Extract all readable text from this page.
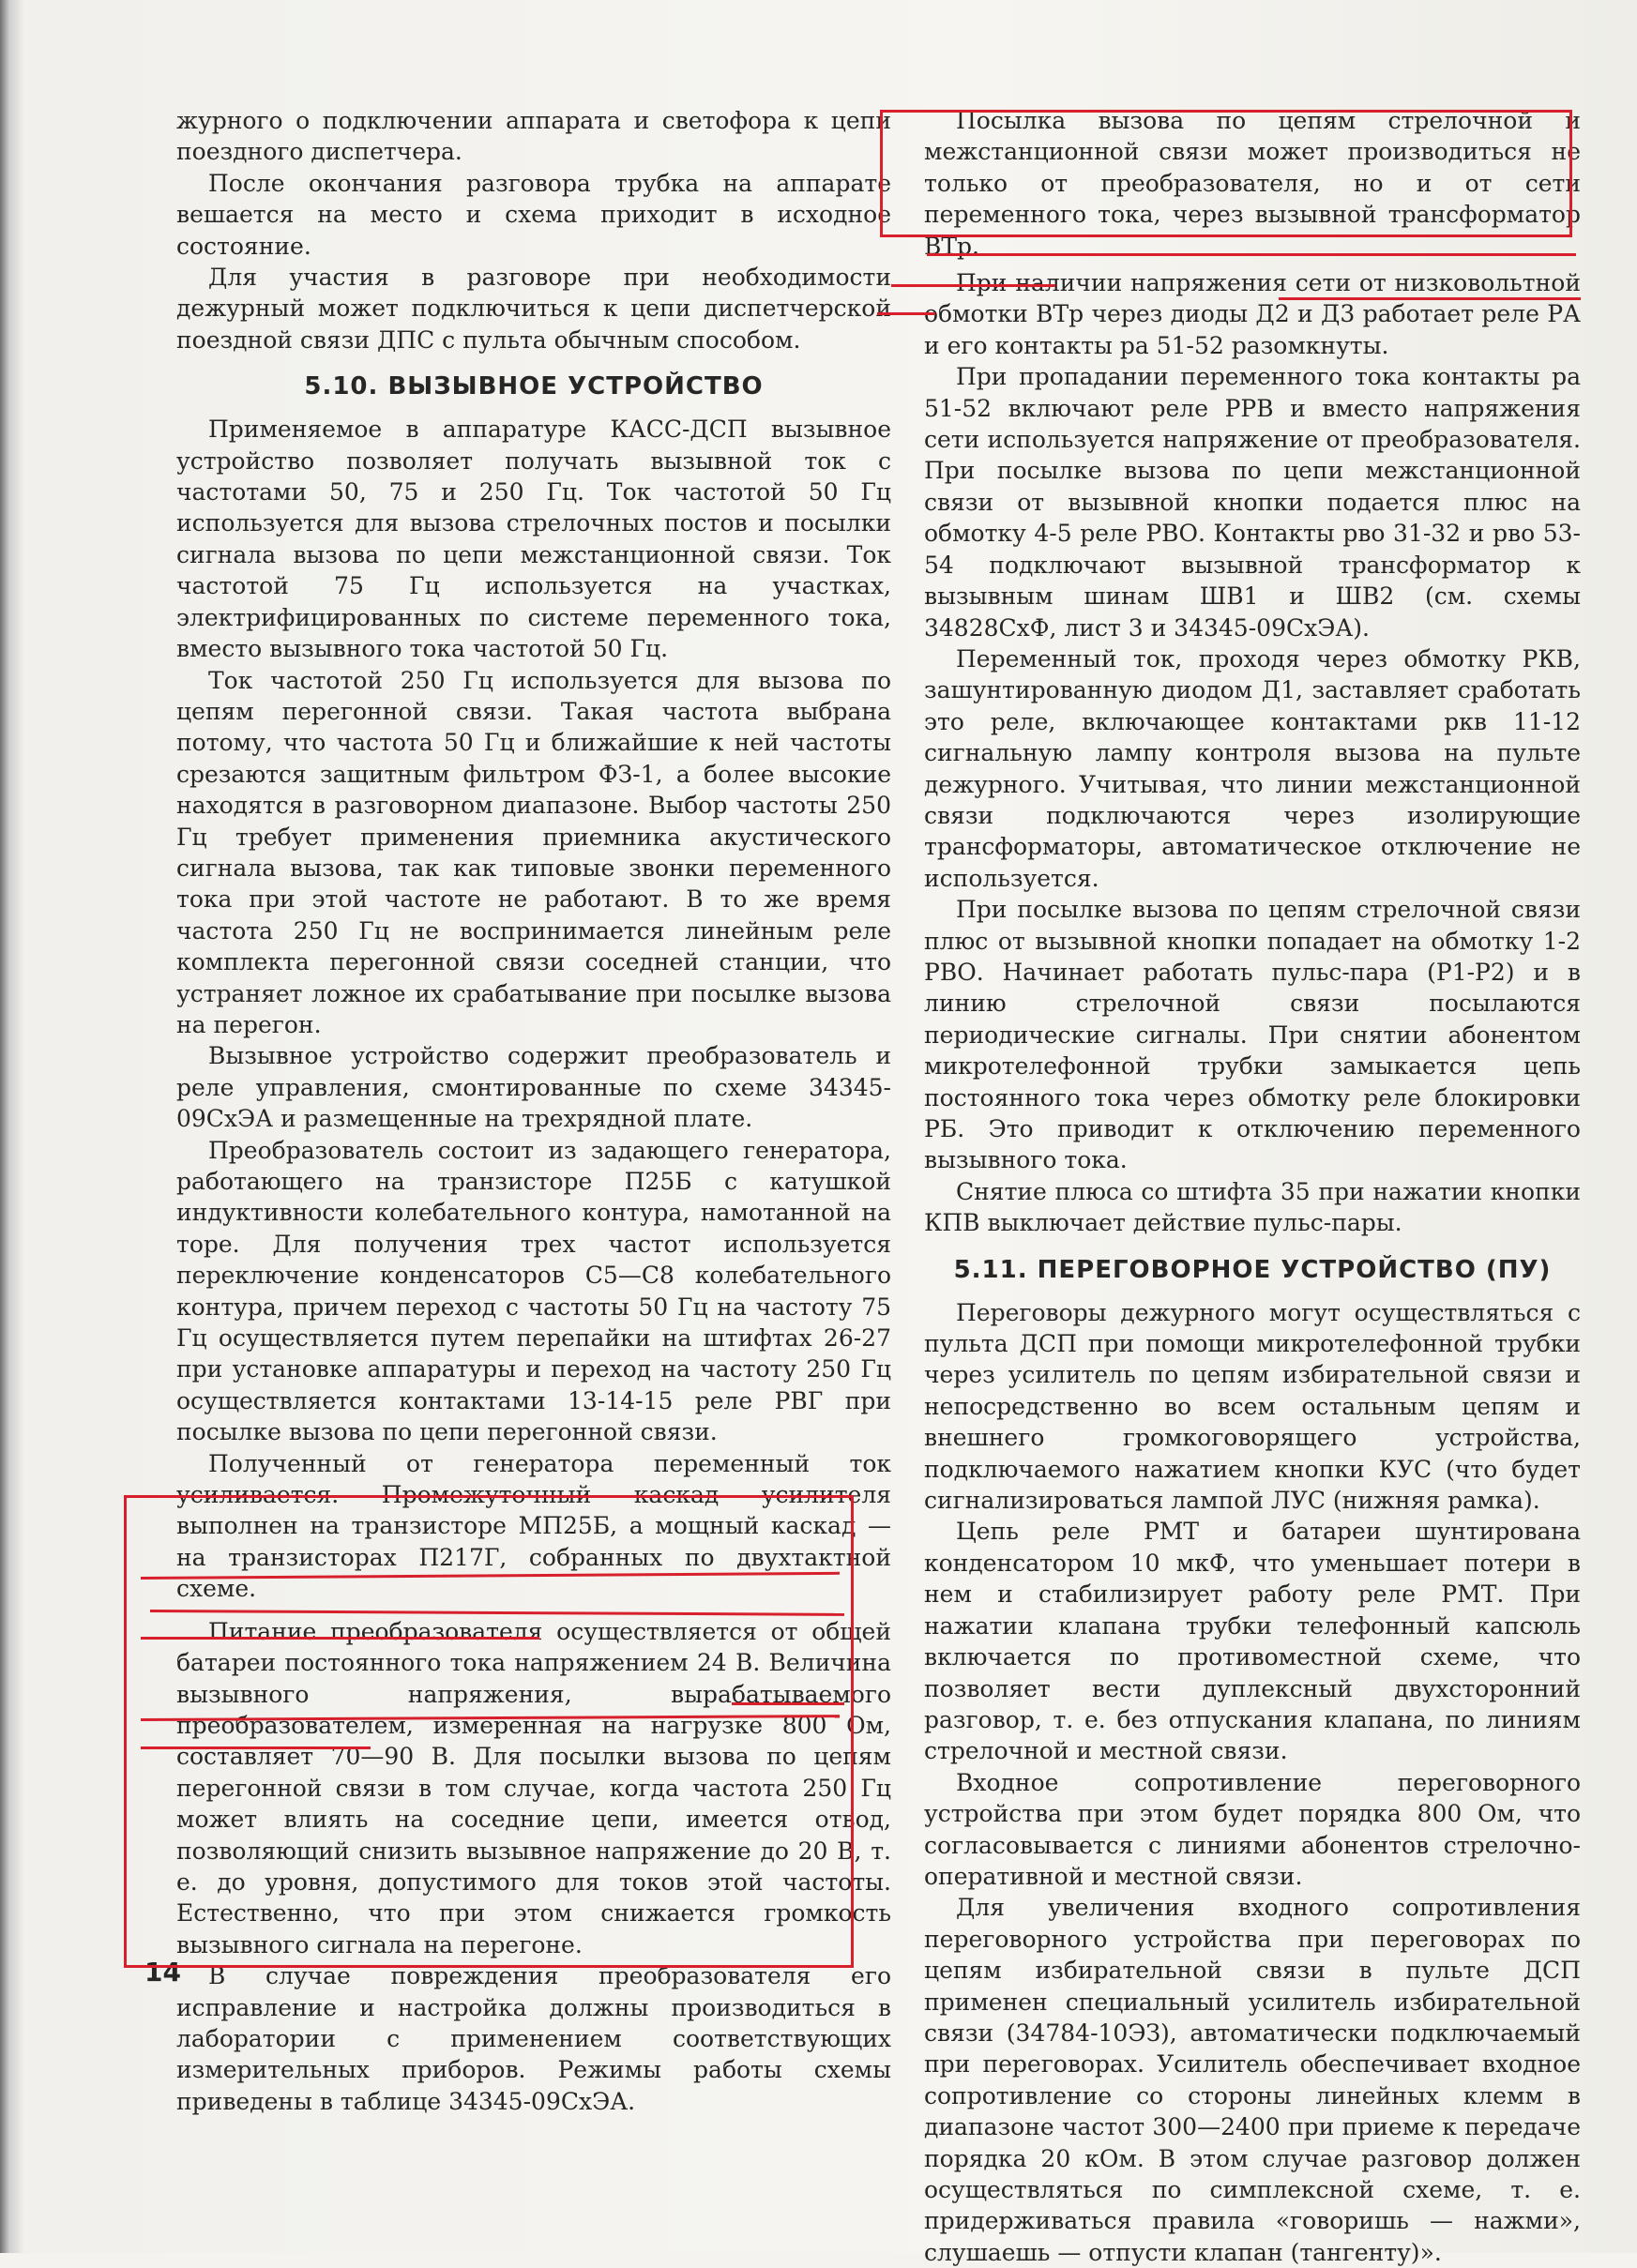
журного о подключении аппарата и светофора к цепи поездного диспетчера.

После окончания разговора трубка на аппарате вешается на место и схема приходит в исходное состояние.

Для участия в разговоре при необходимости дежурный может подключиться к цепи диспетчерской поездной связи ДПС с пульта обычным способом.

5.10. ВЫЗЫВНОЕ УСТРОЙСТВО

Применяемое в аппаратуре КАСС-ДСП вызывное устройство позволяет получать вызывной ток с частотами 50, 75 и 250 Гц. Ток частотой 50 Гц используется для вызова стрелочных постов и посылки сигнала вызова по цепи межстанционной связи. Ток частотой 75 Гц используется на участках, электрифицированных по системе переменного тока, вместо вызывного тока частотой 50 Гц.

Ток частотой 250 Гц используется для вызова по цепям перегонной связи. Такая частота выбрана потому, что частота 50 Гц и ближайшие к ней частоты срезаются защитным фильтром ФЗ-1, а более высокие находятся в разговорном диапазоне. Выбор частоты 250 Гц требует применения приемника акустического сигнала вызова, так как типовые звонки переменного тока при этой частоте не работают. В то же время частота 250 Гц не воспринимается линейным реле комплекта перегонной связи соседней станции, что устраняет ложное их срабатывание при посылке вызова на перегон.

Вызывное устройство содержит преобразователь и реле управления, смонтированные по схеме 34345-09СхЭА и размещенные на трехрядной плате.

Преобразователь состоит из задающего генератора, работающего на транзисторе П25Б с катушкой индуктивности колебательного контура, намотанной на торе. Для получения трех частот используется переключение конденсаторов С5—С8 колебательного контура, причем переход с частоты 50 Гц на частоту 75 Гц осуществляется путем перепайки на штифтах 26-27 при установке аппаратуры и переход на частоту 250 Гц осуществляется контактами 13-14-15 реле РВГ при посылке вызова по цепи перегонной связи.

Полученный от генератора переменный ток усиливается. Промежуточный каскад усилителя выполнен на транзисторе МП25Б, а мощный каскад — на транзисторах П217Г, собранных по двухтактной схеме.

Питание преобразователя осуществляется от общей батареи постоянного тока напряжением 24 В. Величина вызывного напряжения, вырабатываемого преобразователем, измеренная на нагрузке 800 Ом, составляет 70—90 В. Для посылки вызова по цепям перегонной связи в том случае, когда частота 250 Гц может влиять на соседние цепи, имеется отвод, позволяющий снизить вызывное напряжение до 20 В, т. е. до уровня, допустимого для токов этой частоты. Естественно, что при этом снижается громкость вызывного сигнала на перегоне.

В случае повреждения преобразователя его исправление и настройка должны производиться в лаборатории с применением соответствующих измерительных приборов. Режимы работы схемы приведены в таблице 34345-09СхЭА.

Посылка вызова по цепям стрелочной и межстанционной связи может производиться не только от преобразователя, но и от сети переменного тока, через вызывной трансформатор ВТр.

При наличии напряжения сети от низковольтной обмотки ВТр через диоды Д2 и Д3 работает реле РА и его контакты ра 51-52 разомкнуты.

При пропадании переменного тока контакты ра 51-52 включают реле РРВ и вместо напряжения сети используется напряжение от преобразователя. При посылке вызова по цепи межстанционной связи от вызывной кнопки подается плюс на обмотку 4-5 реле РВО. Контакты рво 31-32 и рво 53-54 подключают вызывной трансформатор к вызывным шинам ШВ1 и ШВ2 (см. схемы 34828СхФ, лист 3 и 34345-09СхЭА).

Переменный ток, проходя через обмотку РКВ, зашунтированную диодом Д1, заставляет сработать это реле, включающее контактами ркв 11-12 сигнальную лампу контроля вызова на пульте дежурного. Учитывая, что линии межстанционной связи подключаются через изолирующие трансформаторы, автоматическое отключение не используется.

При посылке вызова по цепям стрелочной связи плюс от вызывной кнопки попадает на обмотку 1-2 РВО. Начинает работать пульс-пара (Р1-Р2) и в линию стрелочной связи посылаются периодические сигналы. При снятии абонентом микротелефонной трубки замыкается цепь постоянного тока через обмотку реле блокировки РБ. Это приводит к отключению переменного вызывного тока.

Снятие плюса со штифта 35 при нажатии кнопки КПВ выключает действие пульс-пары.

5.11. ПЕРЕГОВОРНОЕ УСТРОЙСТВО (ПУ)

Переговоры дежурного могут осуществляться с пульта ДСП при помощи микротелефонной трубки через усилитель по цепям избирательной связи и непосредственно во всем остальным цепям и внешнего громкоговорящего устройства, подключаемого нажатием кнопки КУС (что будет сигнализироваться лампой ЛУС (нижняя рамка).

Цепь реле РМТ и батареи шунтирована конденсатором 10 мкФ, что уменьшает потери в нем и стабилизирует работу реле РМТ. При нажатии клапана трубки телефонный капсюль включается по противоместной схеме, что позволяет вести дуплексный двухсторонний разговор, т. е. без отпускания клапана, по линиям стрелочной и местной связи.

Входное сопротивление переговорного устройства при этом будет порядка 800 Ом, что согласовывается с линиями абонентов стрелочно-оперативной и местной связи.

Для увеличения входного сопротивления переговорного устройства при переговорах по цепям избирательной связи в пульте ДСП применен специальный усилитель избирательной связи (34784-10ЭЗ), автоматически подключаемый при переговорах. Усилитель обеспечивает входное сопротивление со стороны линейных клемм в диапазоне частот 300—2400 при приеме к передаче порядка 20 кОм. В этом случае разговор должен осуществляться по симплексной схеме, т. е. придерживаться правила «говоришь — нажми», слушаешь — отпусти клапан (тангенту)».

14
